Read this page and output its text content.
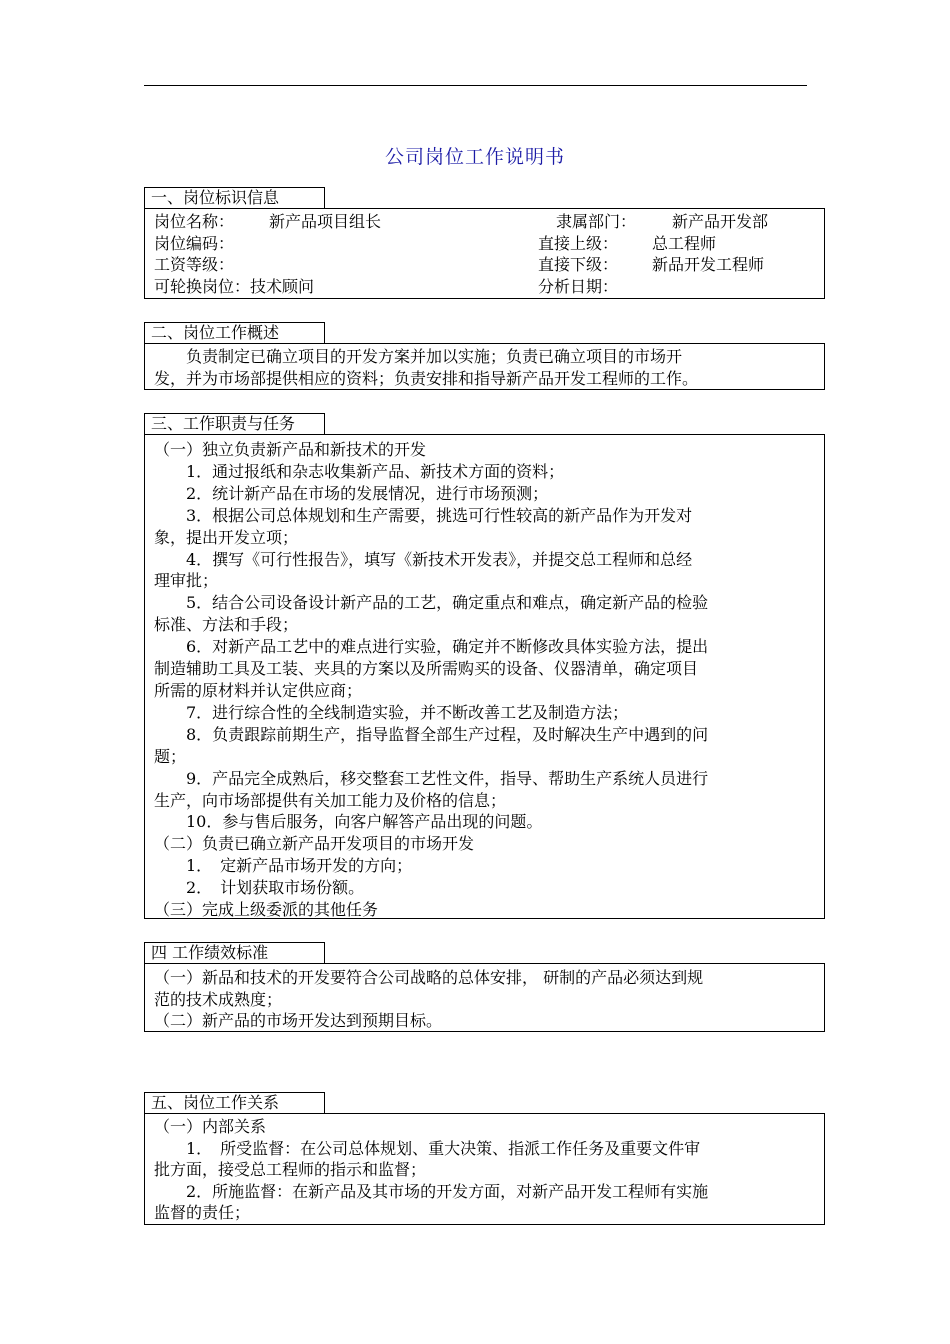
公司岗位工作说明书
一、岗位标识信息
岗位名称： 新产品项目组长	隶属部门： 新产品开发部
岗位编码：	直接上级： 总工程师
工资等级：	直接下级： 新品开发工程师
可轮换岗位： 技术顾问	分析日期：
二、岗位工作概述
负责制定已确立项目的开发方案并加以实施；负责已确立项目的市场开
发，并为市场部提供相应的资料；负责安排和指导新产品开发工程师的工作。
三、工作职责与任务
（一）独立负责新产品和新技术的开发
1．通过报纸和杂志收集新产品、新技术方面的资料；
2．统计新产品在市场的发展情况，进行市场预测；
3．根据公司总体规划和生产需要，挑选可行性较高的新产品作为开发对
象，提出开发立项；
4．撰写《可行性报告》，填写《新技术开发表》，并提交总工程师和总经
理审批；
5．结合公司设备设计新产品的工艺，确定重点和难点，确定新产品的检验
标准、方法和手段；
6．对新产品工艺中的难点进行实验，确定并不断修改具体实验方法，提出
制造辅助工具及工装、夹具的方案以及所需购买的设备、仪器清单，确定项目
所需的原材料并认定供应商；
7．进行综合性的全线制造实验，并不断改善工艺及制造方法；
8．负责跟踪前期生产，指导监督全部生产过程，及时解决生产中遇到的问
题；
9．产品完全成熟后，移交整套工艺性文件，指导、帮助生产系统人员进行
生产，向市场部提供有关加工能力及价格的信息；
10．参与售后服务，向客户解答产品出现的问题。
（二）负责已确立新产品开发项目的市场开发
1．　定新产品市场开发的方向；
2．　计划获取市场份额。
（三）完成上级委派的其他任务
四 工作绩效标准
（一）新品和技术的开发要符合公司战略的总体安排， 研制的产品必须达到规
范的技术成熟度；
（二）新产品的市场开发达到预期目标。
五、岗位工作关系
（一）内部关系
1．　所受监督：在公司总体规划、重大决策、指派工作任务及重要文件审
批方面，接受总工程师的指示和监督；
2．所施监督：在新产品及其市场的开发方面，对新产品开发工程师有实施
监督的责任；
